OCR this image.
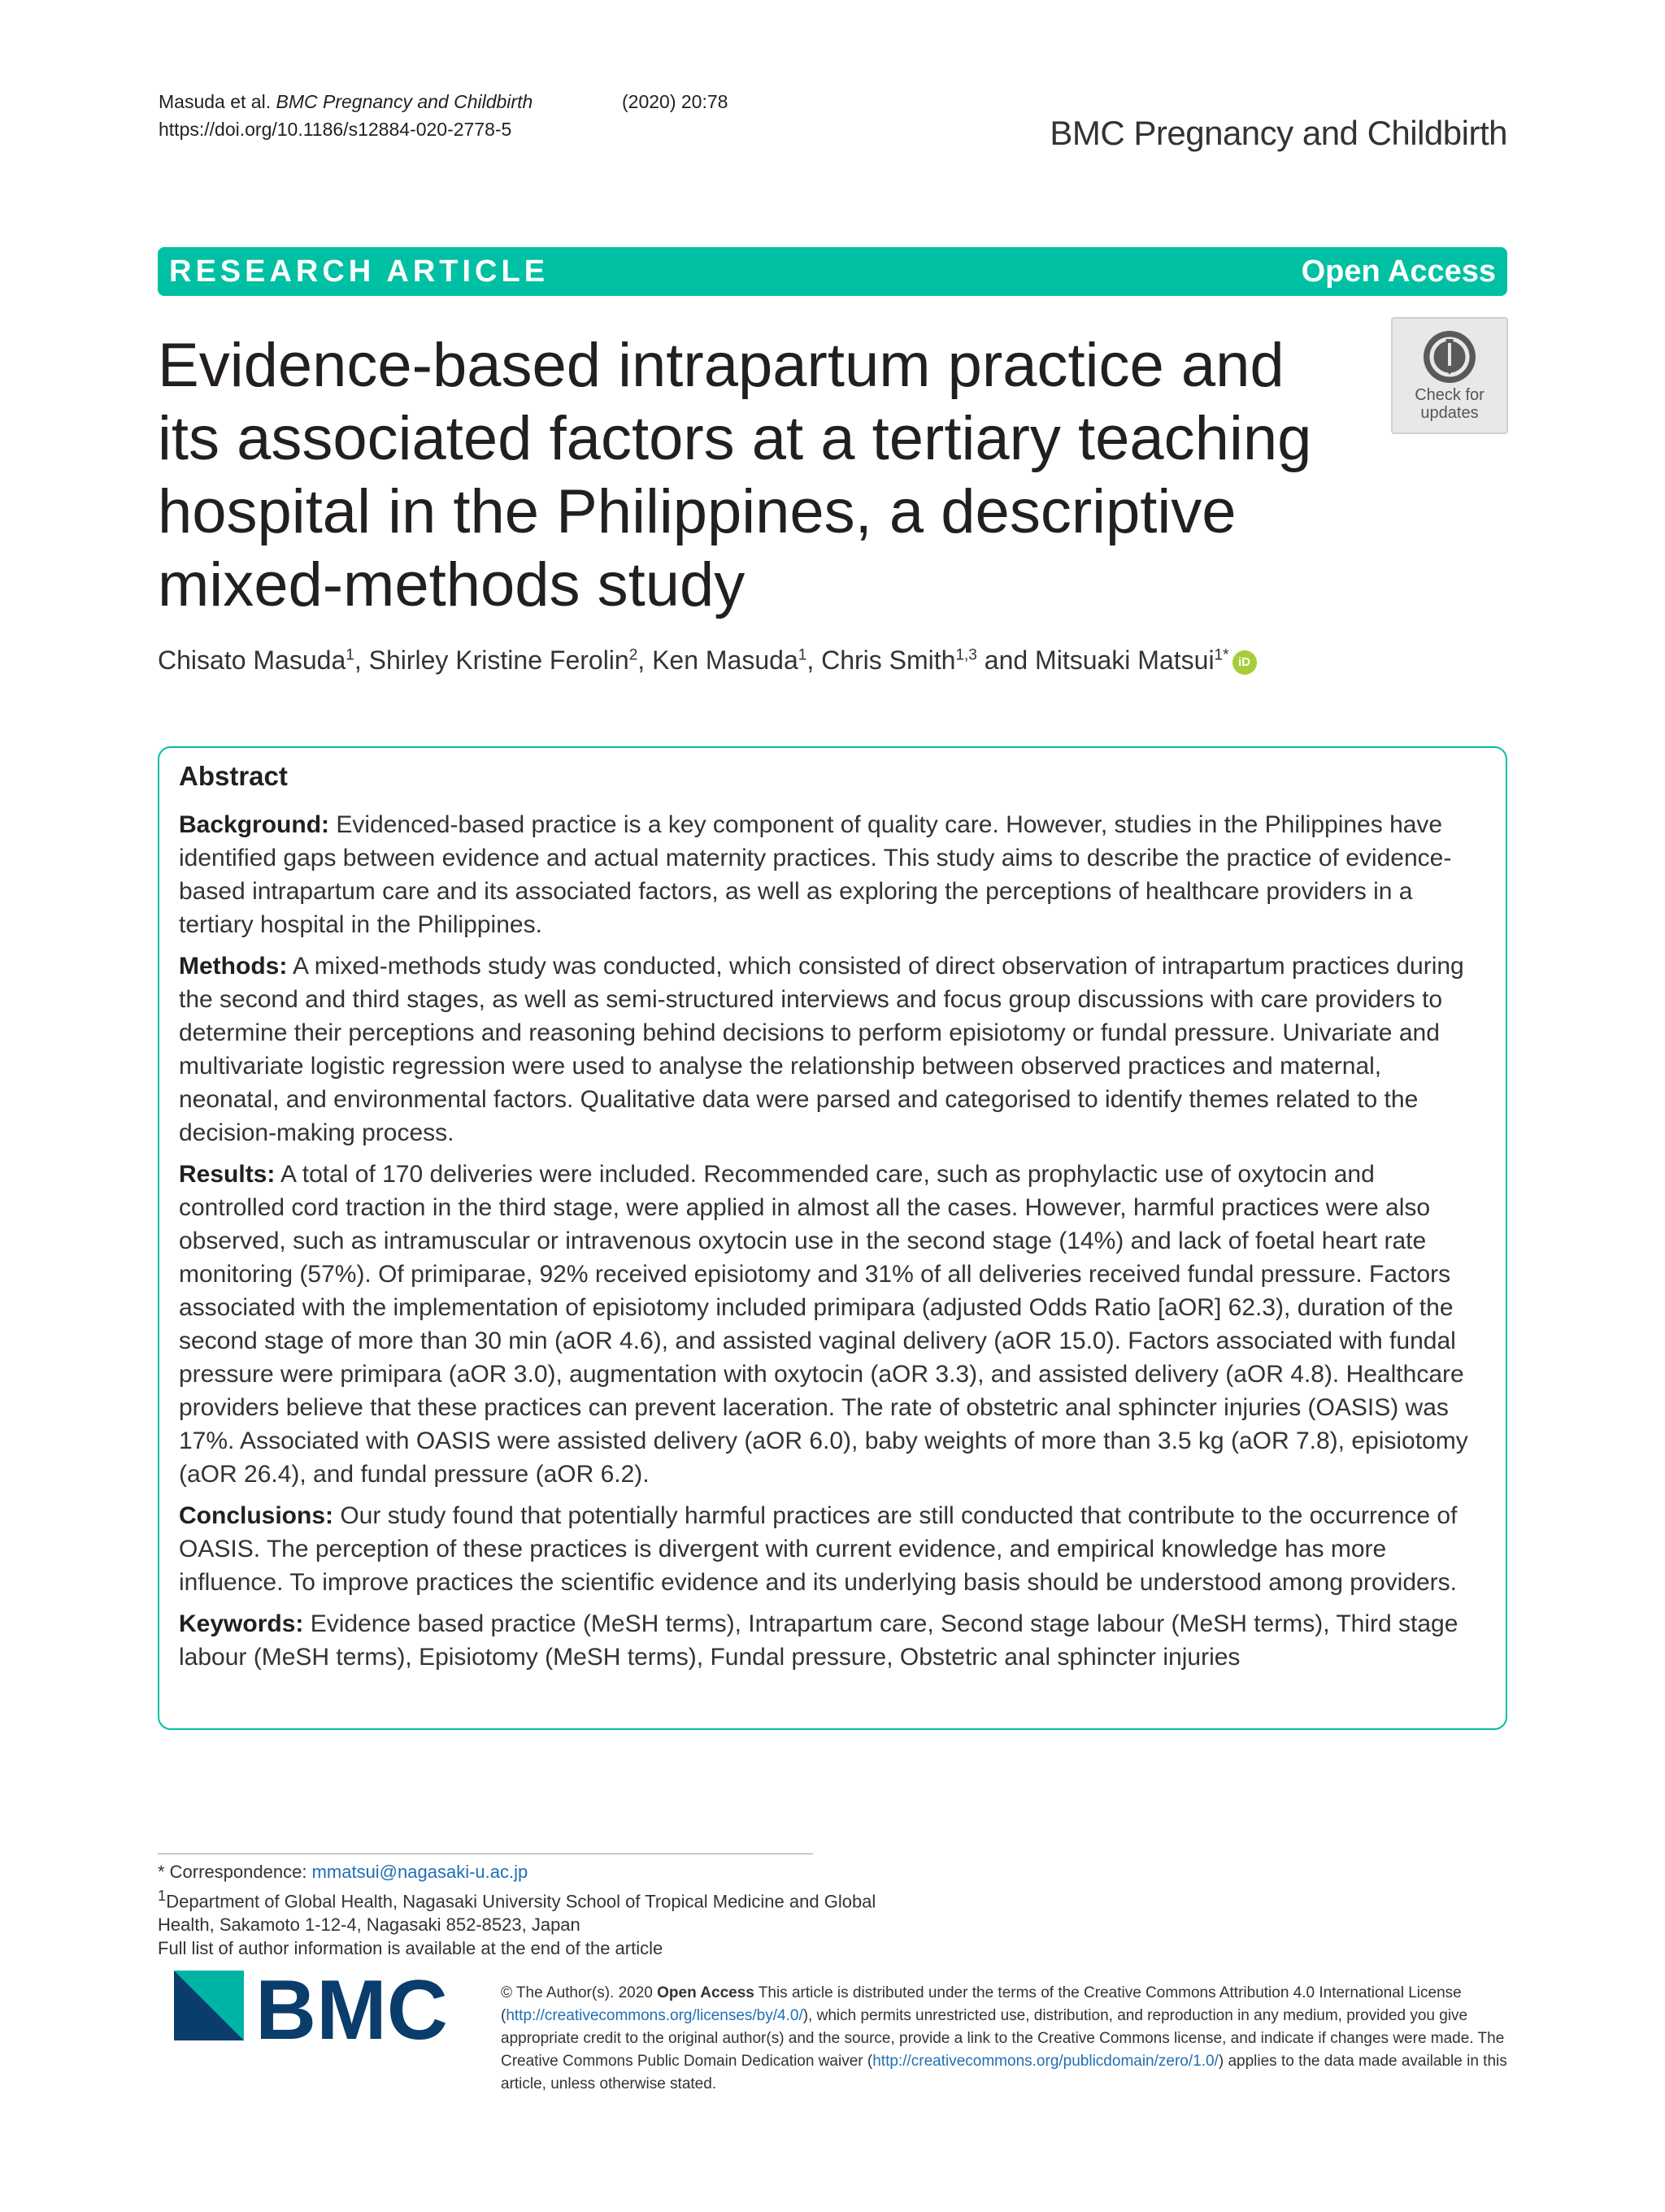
Masuda et al. BMC Pregnancy and Childbirth	(2020) 20:78
https://doi.org/10.1186/s12884-020-2778-5	BMC Pregnancy and Childbirth
RESEARCH ARTICLE	Open Access
Evidence-based intrapartum practice and its associated factors at a tertiary teaching hospital in the Philippines, a descriptive mixed-methods study
Check for
updates
Chisato Masuda$^1$, Shirley Kristine Ferolin$^2$, Ken Masuda$^1$, Chris Smith$^{1,3}$ and Mitsuaki Matsui$^{1*}$ iD
Abstract

Background: Evidenced-based practice is a key component of quality care. However, studies in the Philippines have identified gaps between evidence and actual maternity practices. This study aims to describe the practice of evidence-based intrapartum care and its associated factors, as well as exploring the perceptions of healthcare providers in a tertiary hospital in the Philippines.

Methods: A mixed-methods study was conducted, which consisted of direct observation of intrapartum practices during the second and third stages, as well as semi-structured interviews and focus group discussions with care providers to determine their perceptions and reasoning behind decisions to perform episiotomy or fundal pressure. Univariate and multivariate logistic regression were used to analyse the relationship between observed practices and maternal, neonatal, and environmental factors. Qualitative data were parsed and categorised to identify themes related to the decision-making process.

Results: A total of 170 deliveries were included. Recommended care, such as prophylactic use of oxytocin and controlled cord traction in the third stage, were applied in almost all the cases. However, harmful practices were also observed, such as intramuscular or intravenous oxytocin use in the second stage (14%) and lack of foetal heart rate monitoring (57%). Of primiparae, 92% received episiotomy and 31% of all deliveries received fundal pressure. Factors associated with the implementation of episiotomy included primipara (adjusted Odds Ratio [aOR] 62.3), duration of the second stage of more than 30 min (aOR 4.6), and assisted vaginal delivery (aOR 15.0). Factors associated with fundal pressure were primipara (aOR 3.0), augmentation with oxytocin (aOR 3.3), and assisted delivery (aOR 4.8). Healthcare providers believe that these practices can prevent laceration. The rate of obstetric anal sphincter injuries (OASIS) was 17%. Associated with OASIS were assisted delivery (aOR 6.0), baby weights of more than 3.5 kg (aOR 7.8), episiotomy (aOR 26.4), and fundal pressure (aOR 6.2).

Conclusions: Our study found that potentially harmful practices are still conducted that contribute to the occurrence of OASIS. The perception of these practices is divergent with current evidence, and empirical knowledge has more influence. To improve practices the scientific evidence and its underlying basis should be understood among providers.

Keywords: Evidence based practice (MeSH terms), Intrapartum care, Second stage labour (MeSH terms), Third stage labour (MeSH terms), Episiotomy (MeSH terms), Fundal pressure, Obstetric anal sphincter injuries

* Correspondence: mmatsui@nagasaki-u.ac.jp
$^1$Department of Global Health, Nagasaki University School of Tropical Medicine and Global Health, Sakamoto 1-12-4, Nagasaki 852-8523, Japan
Full list of author information is available at the end of the article
BMC	© The Author(s). 2020 Open Access This article is distributed under the terms of the Creative Commons Attribution 4.0 International License (http://creativecommons.org/licenses/by/4.0/), which permits unrestricted use, distribution, and reproduction in any medium, provided you give appropriate credit to the original author(s) and the source, provide a link to the Creative Commons license, and indicate if changes were made. The Creative Commons Public Domain Dedication waiver (http://creativecommons.org/publicdomain/zero/1.0/) applies to the data made available in this article, unless otherwise stated.
